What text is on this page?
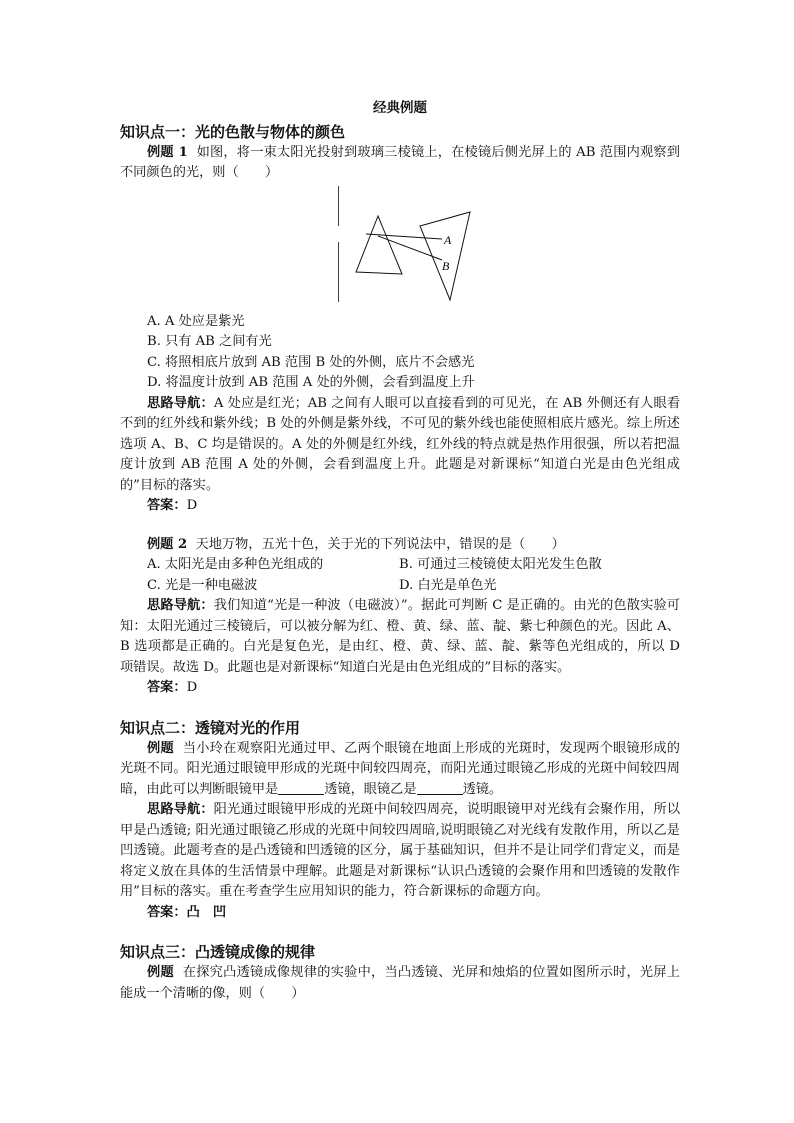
经典例题
知识点一：光的色散与物体的颜色

例题 1 如图，将一束太阳光投射到玻璃三棱镜上，在棱镜后侧光屏上的 AB 范围内观察到不同颜色的光，则（　　）

A
B

A. A 处应是紫光

B. 只有 AB 之间有光

C. 将照相底片放到 AB 范围 B 处的外侧，底片不会感光

D. 将温度计放到 AB 范围 A 处的外侧，会看到温度上升

思路导航：A 处应是红光；AB 之间有人眼可以直接看到的可见光，在 AB 外侧还有人眼看不到的红外线和紫外线；B 处的外侧是紫外线，不可见的紫外线也能使照相底片感光。综上所述选项 A、B、C 均是错误的。A 处的外侧是红外线，红外线的特点就是热作用很强，所以若把温度计放到 AB 范围 A 处的外侧，会看到温度上升。此题是对新课标“知道白光是由色光组成的”目标的落实。

答案：D

例题 2 天地万物，五光十色，关于光的下列说法中，错误的是（　　）

A. 太阳光是由多种色光组成的	B. 可通过三棱镜使太阳光发生色散
C. 光是一种电磁波	D. 白光是单色光

思路导航：我们知道“光是一种波（电磁波）”。据此可判断 C 是正确的。由光的色散实验可知：太阳光通过三棱镜后，可以被分解为红、橙、黄、绿、蓝、靛、紫七种颜色的光。因此 A、B 选项都是正确的。白光是复色光，是由红、橙、黄、绿、蓝、靛、紫等色光组成的，所以 D 项错误。故选 D。此题也是对新课标“知道白光是由色光组成的”目标的落实。

答案：D

知识点二：透镜对光的作用

例题 当小玲在观察阳光通过甲、乙两个眼镜在地面上形成的光斑时，发现两个眼镜形成的光斑不同。阳光通过眼镜甲形成的光斑中间较四周亮，而阳光通过眼镜乙形成的光斑中间较四周暗，由此可以判断眼镜甲是	透镜，眼镜乙是	透镜。

思路导航：阳光通过眼镜甲形成的光斑中间较四周亮，说明眼镜甲对光线有会聚作用，所以甲是凸透镜; 阳光通过眼镜乙形成的光斑中间较四周暗,说明眼镜乙对光线有发散作用，所以乙是凹透镜。此题考查的是凸透镜和凹透镜的区分，属于基础知识，但并不是让同学们背定义，而是将定义放在具体的生活情景中理解。此题是对新课标“认识凸透镜的会聚作用和凹透镜的发散作用”目标的落实。重在考查学生应用知识的能力，符合新课标的命题方向。

答案：凸　凹

知识点三：凸透镜成像的规律

例题 在探究凸透镜成像规律的实验中，当凸透镜、光屏和烛焰的位置如图所示时，光屏上能成一个清晰的像，则（　　）
